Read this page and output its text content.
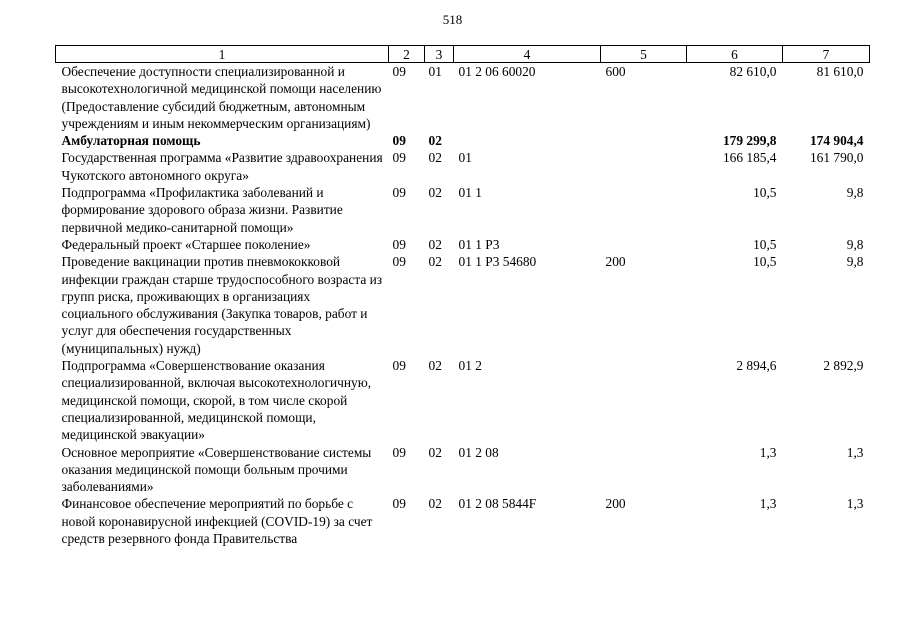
518
1	2	3	4	5	6	7
Обеспечение доступности специализированной и высокотехнологичной медицинской помощи населению (Предоставление субсидий бюджетным, автономным учреждениям и иным некоммерческим организациям)	09	01	01 2 06 60020	600	82 610,0	81 610,0
Амбулаторная помощь	09	02			179 299,8	174 904,4
Государственная программа «Развитие здравоохранения Чукотского автономного округа»	09	02	01		166 185,4	161 790,0
Подпрограмма «Профилактика заболеваний и формирование здорового образа жизни. Развитие первичной медико-санитарной помощи»	09	02	01 1		10,5	9,8
Федеральный проект «Старшее поколение»	09	02	01 1 P3		10,5	9,8
Проведение вакцинации против пневмококковой инфекции граждан старше трудоспособного возраста из групп риска, проживающих в организациях социального обслуживания (Закупка товаров, работ и услуг для обеспечения государственных (муниципальных) нужд)	09	02	01 1 P3 54680	200	10,5	9,8
Подпрограмма «Совершенствование оказания специализированной, включая высокотехнологичную, медицинской помощи, скорой, в том числе скорой специализированной, медицинской помощи, медицинской эвакуации»	09	02	01 2		2 894,6	2 892,9
Основное мероприятие «Совершенствование системы оказания медицинской помощи больным прочими заболеваниями»	09	02	01 2 08		1,3	1,3
Финансовое обеспечение мероприятий по борьбе с новой коронавирусной инфекцией (COVID-19) за счет средств резервного фонда Правительства	09	02	01 2 08 5844F	200	1,3	1,3
